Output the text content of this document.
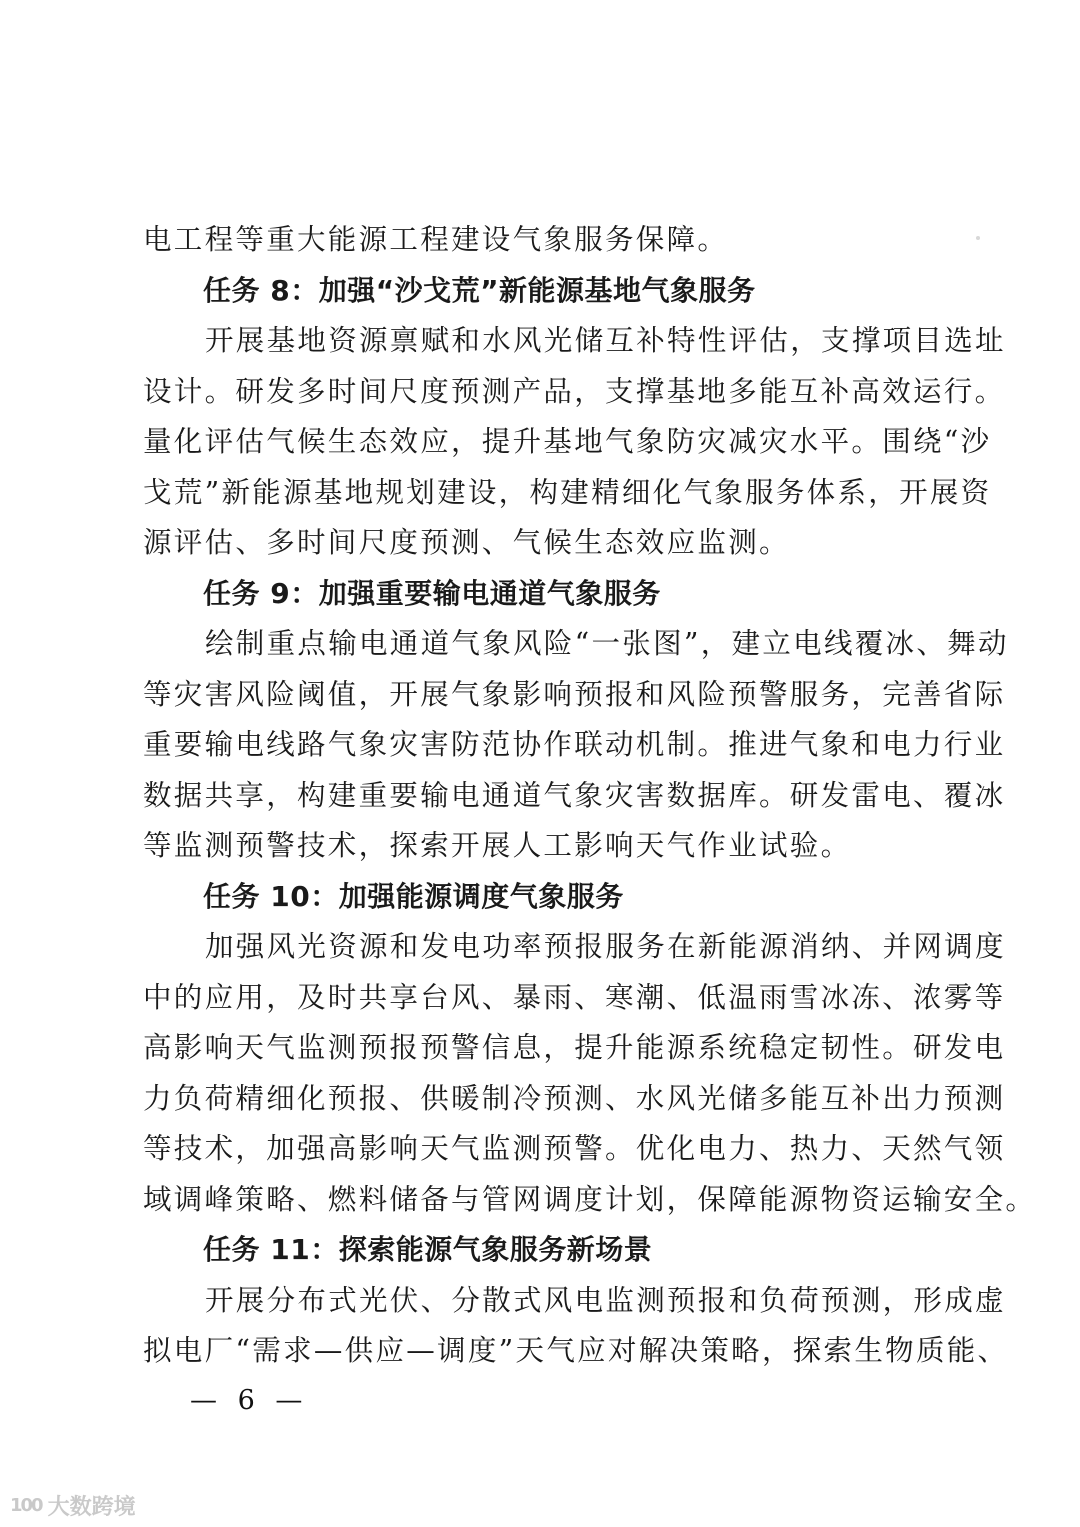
电工程等重大能源工程建设气象服务保障。
任务 8：加强“沙戈荒”新能源基地气象服务
开展基地资源禀赋和水风光储互补特性评估，支撑项目选址
设计。研发多时间尺度预测产品，支撑基地多能互补高效运行。
量化评估气候生态效应，提升基地气象防灾减灾水平。围绕“沙
戈荒”新能源基地规划建设，构建精细化气象服务体系，开展资
源评估、多时间尺度预测、气候生态效应监测。
任务 9：加强重要输电通道气象服务
绘制重点输电通道气象风险“一张图”，建立电线覆冰、舞动
等灾害风险阈值，开展气象影响预报和风险预警服务，完善省际
重要输电线路气象灾害防范协作联动机制。推进气象和电力行业
数据共享，构建重要输电通道气象灾害数据库。研发雷电、覆冰
等监测预警技术，探索开展人工影响天气作业试验。
任务 10：加强能源调度气象服务
加强风光资源和发电功率预报服务在新能源消纳、并网调度
中的应用，及时共享台风、暴雨、寒潮、低温雨雪冰冻、浓雾等
高影响天气监测预报预警信息，提升能源系统稳定韧性。研发电
力负荷精细化预报、供暖制冷预测、水风光储多能互补出力预测
等技术，加强高影响天气监测预警。优化电力、热力、天然气领
域调峰策略、燃料储备与管网调度计划，保障能源物资运输安全。
任务 11：探索能源气象服务新场景
开展分布式光伏、分散式风电监测预报和负荷预测，形成虚
拟电厂“需求—供应—调度”天气应对解决策略，探索生物质能、
— 6 —
100 大数跨境
